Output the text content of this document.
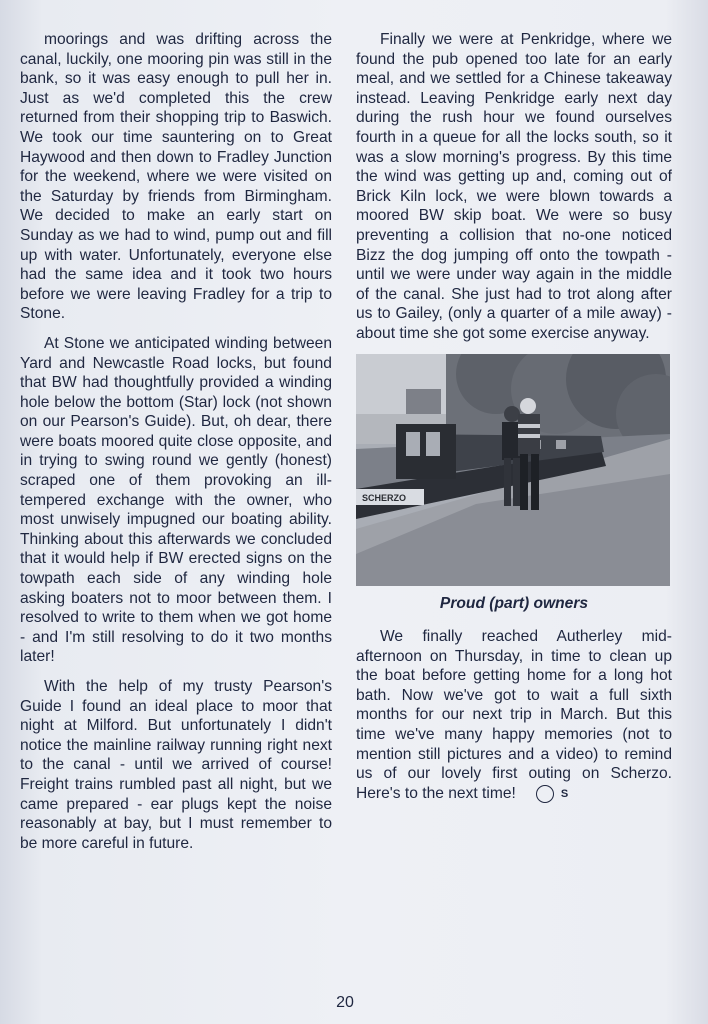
moorings and was drifting across the canal, luckily, one mooring pin was still in the bank, so it was easy enough to pull her in. Just as we'd completed this the crew returned from their shopping trip to Baswich. We took our time sauntering on to Great Haywood and then down to Fradley Junction for the weekend, where we were visited on the Saturday by friends from Birmingham. We decided to make an early start on Sunday as we had to wind, pump out and fill up with water. Unfortunately, everyone else had the same idea and it took two hours before we were leaving Fradley for a trip to Stone.

At Stone we anticipated winding between Yard and Newcastle Road locks, but found that BW had thoughtfully provided a winding hole below the bottom (Star) lock (not shown on our Pearson's Guide). But, oh dear, there were boats moored quite close opposite, and in trying to swing round we gently (honest) scraped one of them provoking an ill-tempered exchange with the owner, who most unwisely impugned our boating ability. Thinking about this afterwards we concluded that it would help if BW erected signs on the towpath each side of any winding hole asking boaters not to moor between them. I resolved to write to them when we got home - and I'm still resolving to do it two months later!

With the help of my trusty Pearson's Guide I found an ideal place to moor that night at Milford. But unfortunately I didn't notice the mainline railway running right next to the canal - until we arrived of course! Freight trains rumbled past all night, but we came prepared - ear plugs kept the noise reasonably at bay, but I must remember to be more careful in future.

Finally we were at Penkridge, where we found the pub opened too late for an early meal, and we settled for a Chinese takeaway instead. Leaving Penkridge early next day during the rush hour we found ourselves fourth in a queue for all the locks south, so it was a slow morning's progress. By this time the wind was getting up and, coming out of Brick Kiln lock, we were blown towards a moored BW skip boat. We were so busy preventing a collision that no-one noticed Bizz the dog jumping off onto the towpath - until we were under way again in the middle of the canal. She just had to trot along after us to Gailey, (only a quarter of a mile away) - about time she got some exercise anyway.

SCHERZO
Proud (part) owners

We finally reached Autherley mid-afternoon on Thursday, in time to clean up the boat before getting home for a long hot bath. Now we've got to wait a full sixth months for our next trip in March. But this time we've many happy memories (not to mention still pictures and a video) to remind us of our lovely first outing on Scherzo. Here's to the next time!	S

20
